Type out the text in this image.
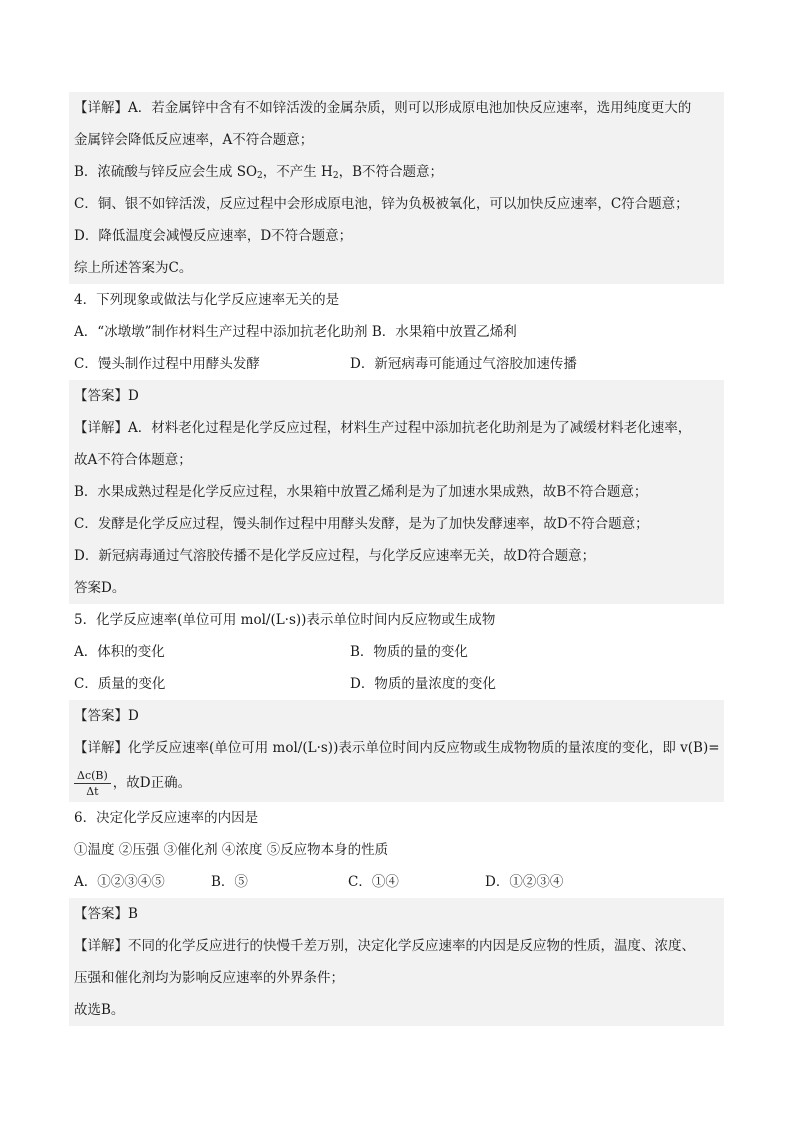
【详解】A．若金属锌中含有不如锌活泼的金属杂质，则可以形成原电池加快反应速率，选用纯度更大的
金属锌会降低反应速率，A不符合题意；
B．浓硫酸与锌反应会生成 $SO_2$，不产生 $H_2$，B不符合题意；
C．铜、银不如锌活泼，反应过程中会形成原电池，锌为负极被氧化，可以加快反应速率，C符合题意；
D．降低温度会减慢反应速率，D不符合题意；
综上所述答案为C。
4．下列现象或做法与化学反应速率无关的是
A．“冰墩墩”制作材料生产过程中添加抗老化助剂 B．水果箱中放置乙烯利
C．馒头制作过程中用酵头发酵	D．新冠病毒可能通过气溶胶加速传播
【答案】D
【详解】A．材料老化过程是化学反应过程，材料生产过程中添加抗老化助剂是为了减缓材料老化速率，
故A不符合体题意；
B．水果成熟过程是化学反应过程，水果箱中放置乙烯利是为了加速水果成熟，故B不符合题意；
C．发酵是化学反应过程，馒头制作过程中用酵头发酵，是为了加快发酵速率，故D不符合题意；
D．新冠病毒通过气溶胶传播不是化学反应过程，与化学反应速率无关，故D符合题意；
答案D。
5．化学反应速率(单位可用 mol/(L·s))表示单位时间内反应物或生成物
A．体积的变化	B．物质的量的变化
C．质量的变化	D．物质的量浓度的变化
【答案】D
【详解】化学反应速率(单位可用 mol/(L·s))表示单位时间内反应物或生成物物质的量浓度的变化，即 v(B)=
$\frac{\Delta c(B)}{\Delta t}$ ，故D正确。
6．决定化学反应速率的内因是
①温度 ②压强 ③催化剂 ④浓度 ⑤反应物本身的性质
A．①②③④⑤	B．⑤	C．①④	D．①②③④
【答案】B
【详解】不同的化学反应进行的快慢千差万别，决定化学反应速率的内因是反应物的性质，温度、浓度、
压强和催化剂均为影响反应速率的外界条件；
故选B。
